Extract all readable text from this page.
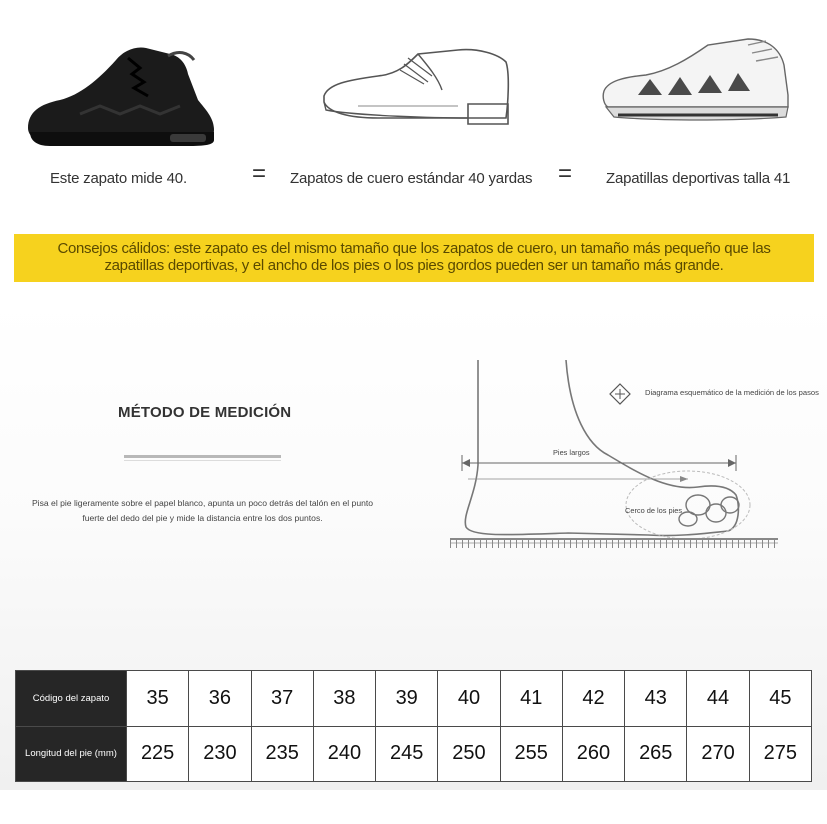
Este zapato mide 40.	= Zapatos de cuero estándar 40 yardas = Zapatillas deportivas talla 41
Consejos cálidos: este zapato es del mismo tamaño que los zapatos de cuero, un tamaño más pequeño que las
zapatillas deportivas, y el ancho de los pies o los pies gordos pueden ser un tamaño más grande.
MÉTODO DE MEDICIÓN
Pisa el pie ligeramente sobre el papel blanco, apunta un poco detrás del talón en el punto fuerte del dedo del pie y mide la distancia entre los dos puntos.
Diagrama esquemático de la medición de los pasos
Pies largos
Cerco de los pies
Código del zapato	35	36	37	38	39	40	41	42	43	44	45
Longitud del pie (mm)	225	230	235	240	245	250	255	260	265	270	275
